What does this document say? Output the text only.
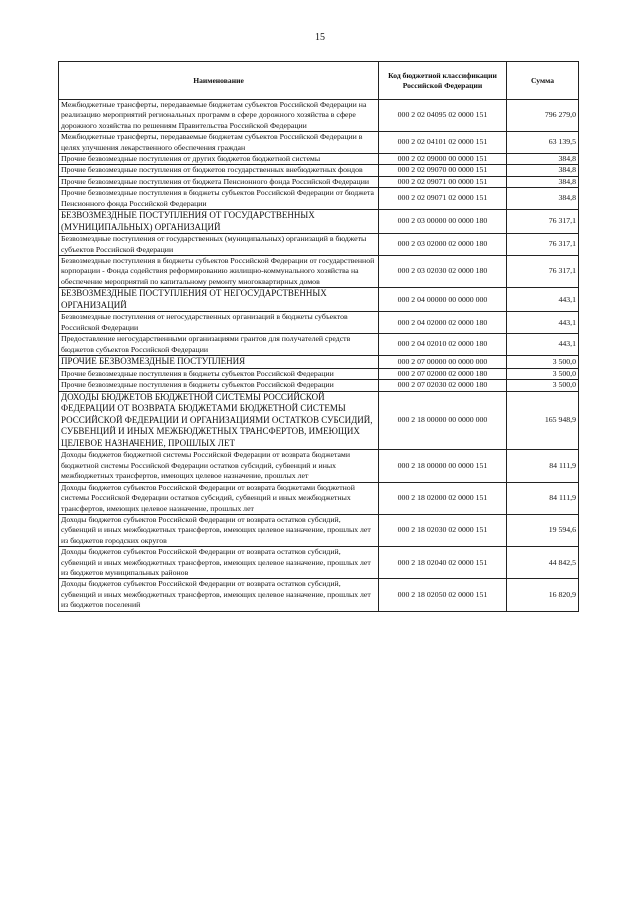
15
Наименование	Код бюджетной классификации Российской Федерации	Сумма
Межбюджетные трансферты, передаваемые бюджетам субъектов Российской Федерации на реализацию мероприятий региональных программ в сфере дорожного хозяйства в сфере дорожного хозяйства по решениям Правительства Российской Федерации	000 2 02 04095 02 0000 151	796 279,0
Межбюджетные трансферты, передаваемые бюджетам субъектов Российской Федерации в целях улучшения лекарственного обеспечения граждан	000 2 02 04101 02 0000 151	63 139,5
Прочие безвозмездные поступления от других бюджетов бюджетной системы	000 2 02 09000 00 0000 151	384,8
Прочие безвозмездные поступления от бюджетов государственных внебюджетных фондов	000 2 02 09070 00 0000 151	384,8
Прочие безвозмездные поступления от бюджета Пенсионного фонда Российской Федерации	000 2 02 09071 00 0000 151	384,8
Прочие безвозмездные поступления в бюджеты субъектов Российской Федерации от бюджета Пенсионного фонда Российской Федерации	000 2 02 09071 02 0000 151	384,8
БЕЗВОЗМЕЗДНЫЕ ПОСТУПЛЕНИЯ ОТ ГОСУДАРСТВЕННЫХ (МУНИЦИПАЛЬНЫХ) ОРГАНИЗАЦИЙ	000 2 03 00000 00 0000 180	76 317,1
Безвозмездные поступления от государственных (муниципальных) организаций в бюджеты субъектов Российской Федерации	000 2 03 02000 02 0000 180	76 317,1
Безвозмездные поступления в бюджеты субъектов Российской Федерации от государственной корпорации - Фонда содействия реформированию жилищно-коммунального хозяйства на обеспечение мероприятий по капитальному ремонту многоквартирных домов	000 2 03 02030 02 0000 180	76 317,1
БЕЗВОЗМЕЗДНЫЕ ПОСТУПЛЕНИЯ ОТ НЕГОСУДАРСТВЕННЫХ ОРГАНИЗАЦИЙ	000 2 04 00000 00 0000 000	443,1
Безвозмездные поступления от негосударственных организаций в бюджеты субъектов Российской Федерации	000 2 04 02000 02 0000 180	443,1
Предоставление негосударственными организациями грантов для получателей средств бюджетов субъектов Российской Федерации	000 2 04 02010 02 0000 180	443,1
ПРОЧИЕ БЕЗВОЗМЕЗДНЫЕ ПОСТУПЛЕНИЯ	000 2 07 00000 00 0000 000	3 500,0
Прочие безвозмездные поступления в бюджеты субъектов Российской Федерации	000 2 07 02000 02 0000 180	3 500,0
Прочие безвозмездные поступления в бюджеты субъектов Российской Федерации	000 2 07 02030 02 0000 180	3 500,0
ДОХОДЫ БЮДЖЕТОВ БЮДЖЕТНОЙ СИСТЕМЫ РОССИЙСКОЙ ФЕДЕРАЦИИ ОТ ВОЗВРАТА БЮДЖЕТАМИ БЮДЖЕТНОЙ СИСТЕМЫ РОССИЙСКОЙ ФЕДЕРАЦИИ И ОРГАНИЗАЦИЯМИ ОСТАТКОВ СУБСИДИЙ, СУБВЕНЦИЙ И ИНЫХ МЕЖБЮДЖЕТНЫХ ТРАНСФЕРТОВ, ИМЕЮЩИХ ЦЕЛЕВОЕ НАЗНАЧЕНИЕ, ПРОШЛЫХ ЛЕТ	000 2 18 00000 00 0000 000	165 948,9
Доходы бюджетов бюджетной системы Российской Федерации от возврата бюджетами бюджетной системы Российской Федерации остатков субсидий, субвенций и иных межбюджетных трансфертов, имеющих целевое назначение, прошлых лет	000 2 18 00000 00 0000 151	84 111,9
Доходы бюджетов субъектов Российской Федерации от возврата бюджетами бюджетной системы Российской Федерации остатков субсидий, субвенций и иных межбюджетных трансфертов, имеющих целевое назначение, прошлых лет	000 2 18 02000 02 0000 151	84 111,9
Доходы бюджетов субъектов Российской Федерации от возврата остатков субсидий, субвенций и иных межбюджетных трансфертов, имеющих целевое назначение, прошлых лет из бюджетов городских округов	000 2 18 02030 02 0000 151	19 594,6
Доходы бюджетов субъектов Российской Федерации от возврата остатков субсидий, субвенций и иных межбюджетных трансфертов, имеющих целевое назначение, прошлых лет из бюджетов муниципальных районов	000 2 18 02040 02 0000 151	44 842,5
Доходы бюджетов субъектов Российской Федерации от возврата остатков субсидий, субвенций и иных межбюджетных трансфертов, имеющих целевое назначение, прошлых лет из бюджетов поселений	000 2 18 02050 02 0000 151	16 820,9
